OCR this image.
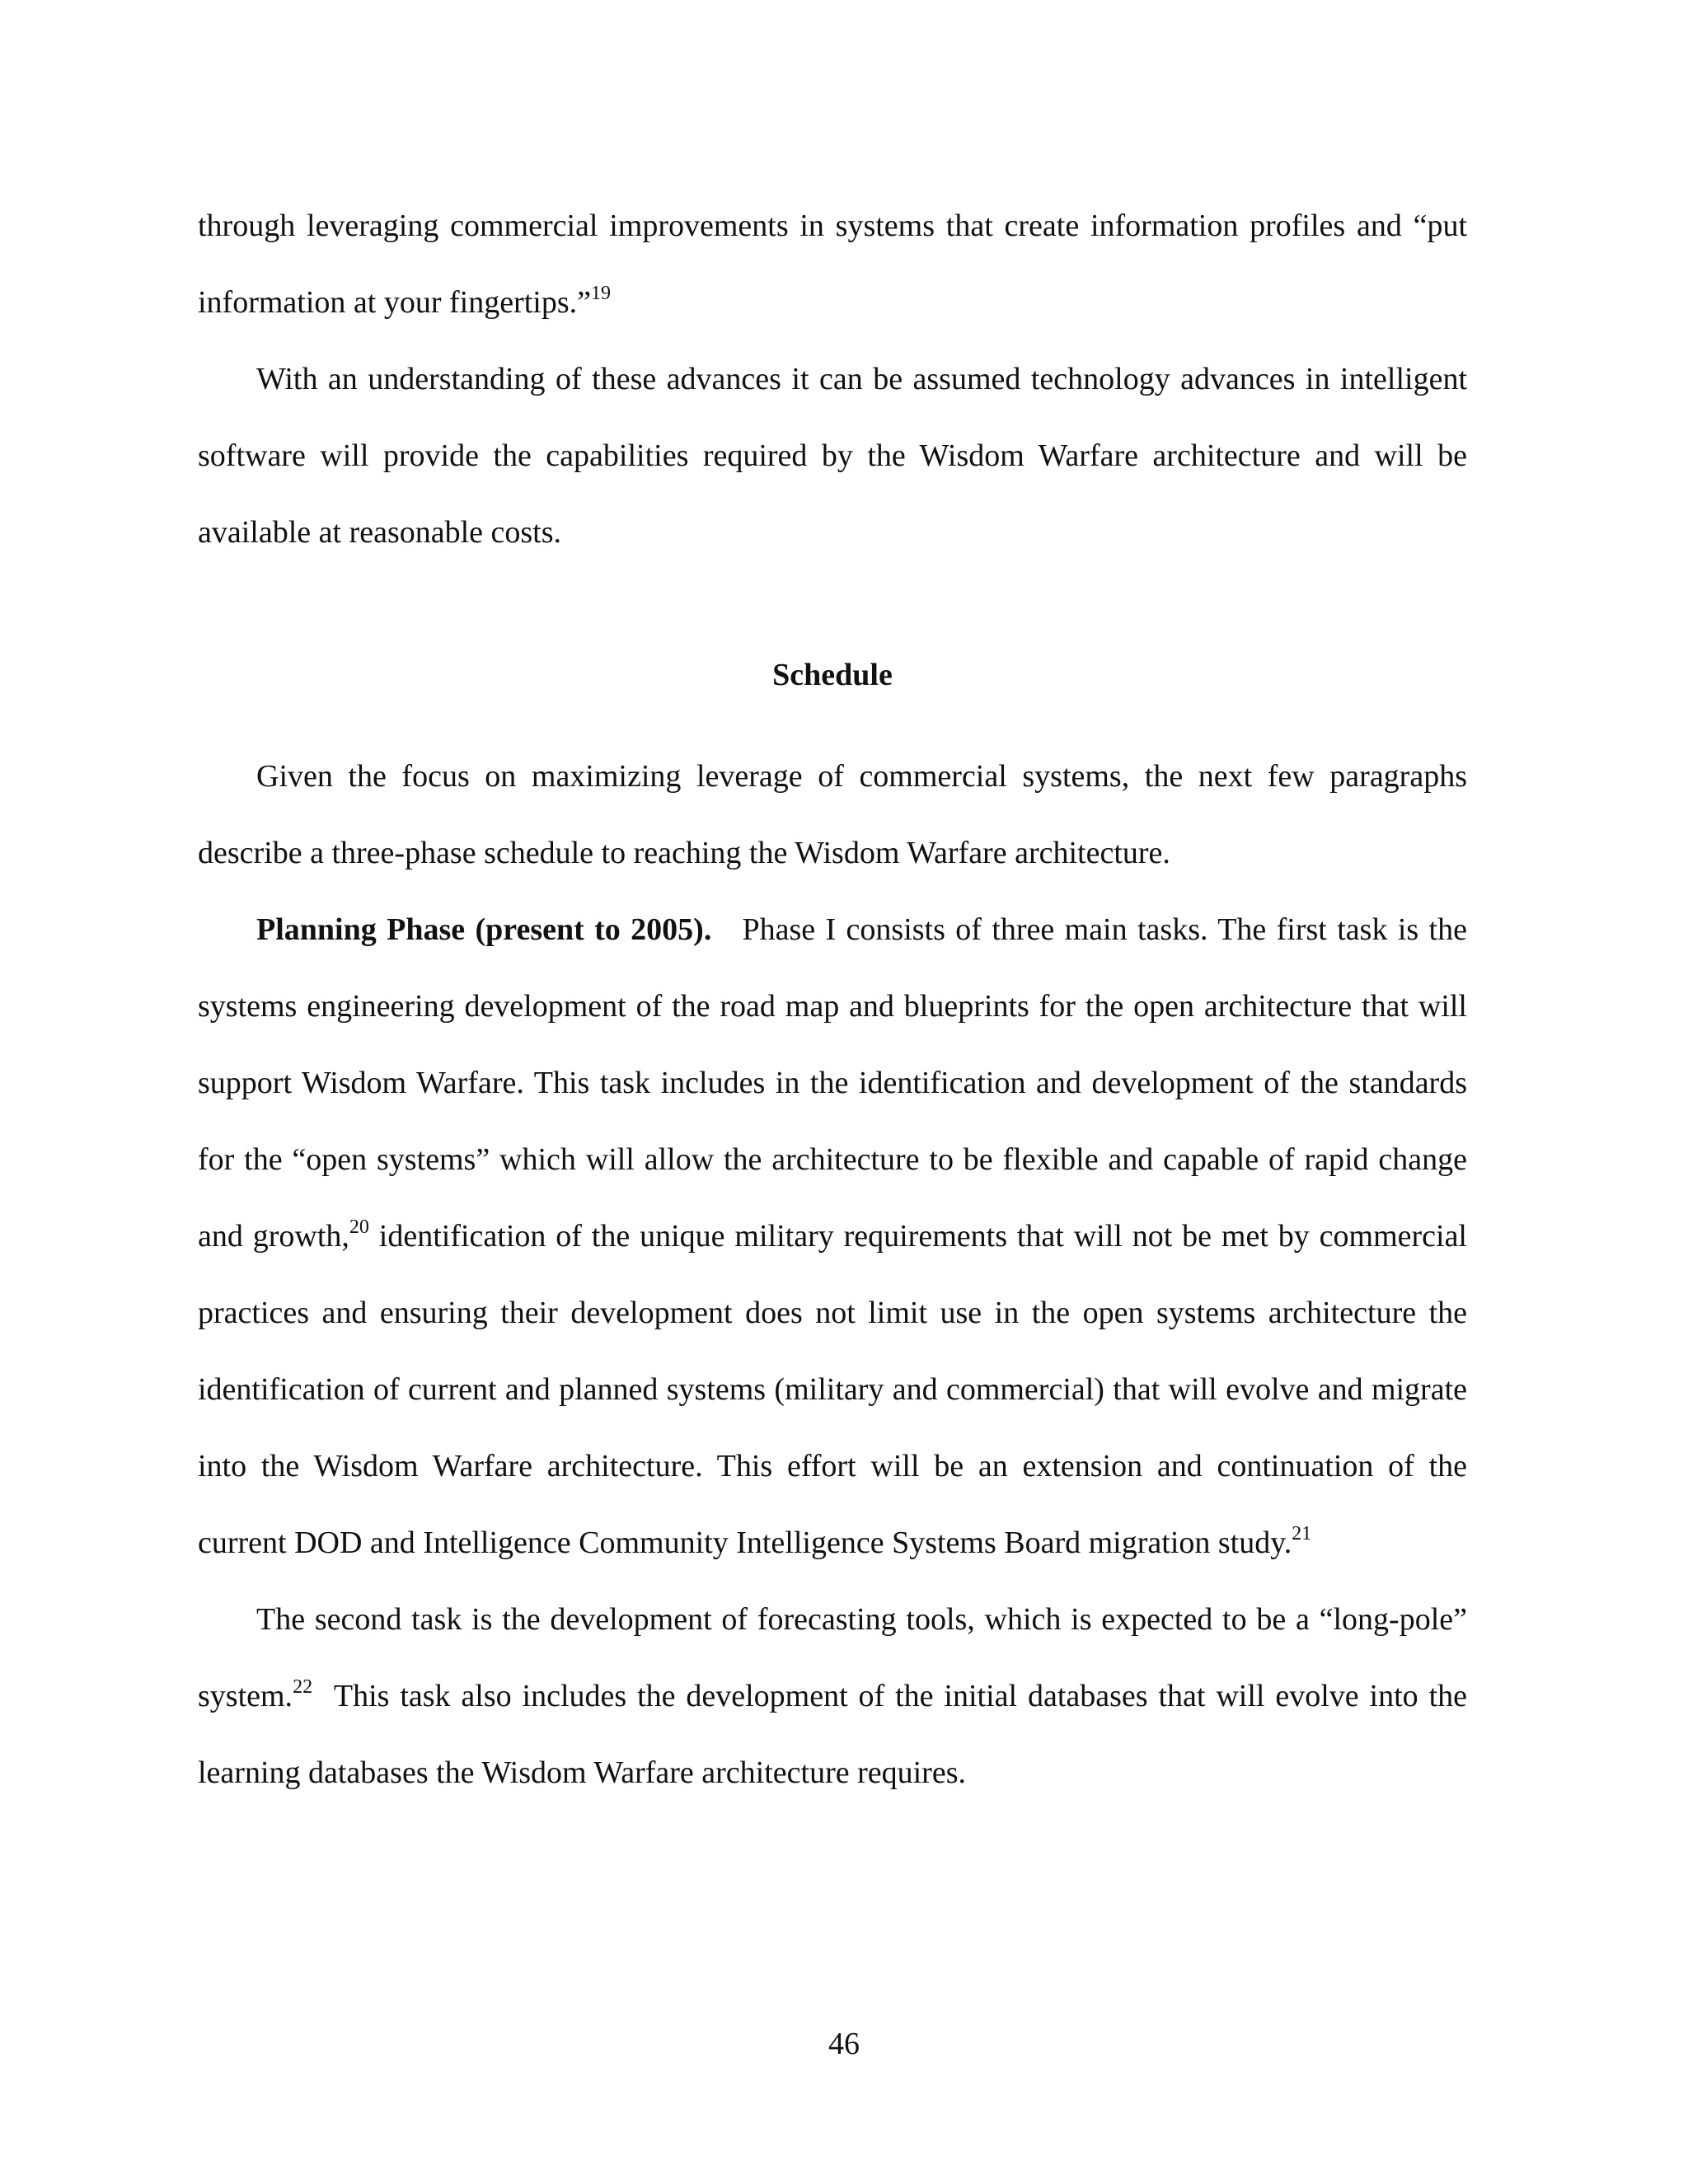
through leveraging commercial improvements in systems that create information profiles and “put information at your fingertips.”$^{19}$

With an understanding of these advances it can be assumed technology advances in intelligent software will provide the capabilities required by the Wisdom Warfare architecture and will be available at reasonable costs.

Schedule

Given the focus on maximizing leverage of commercial systems, the next few paragraphs describe a three-phase schedule to reaching the Wisdom Warfare architecture.

Planning Phase (present to 2005). Phase I consists of three main tasks. The first task is the systems engineering development of the road map and blueprints for the open architecture that will support Wisdom Warfare. This task includes in the identification and development of the standards for the “open systems” which will allow the architecture to be flexible and capable of rapid change and growth,$^{20}$ identification of the unique military requirements that will not be met by commercial practices and ensuring their development does not limit use in the open systems architecture the identification of current and planned systems (military and commercial) that will evolve and migrate into the Wisdom Warfare architecture. This effort will be an extension and continuation of the current DOD and Intelligence Community Intelligence Systems Board migration study.$^{21}$

The second task is the development of forecasting tools, which is expected to be a “long-pole” system.$^{22}$ This task also includes the development of the initial databases that will evolve into the learning databases the Wisdom Warfare architecture requires.

46
